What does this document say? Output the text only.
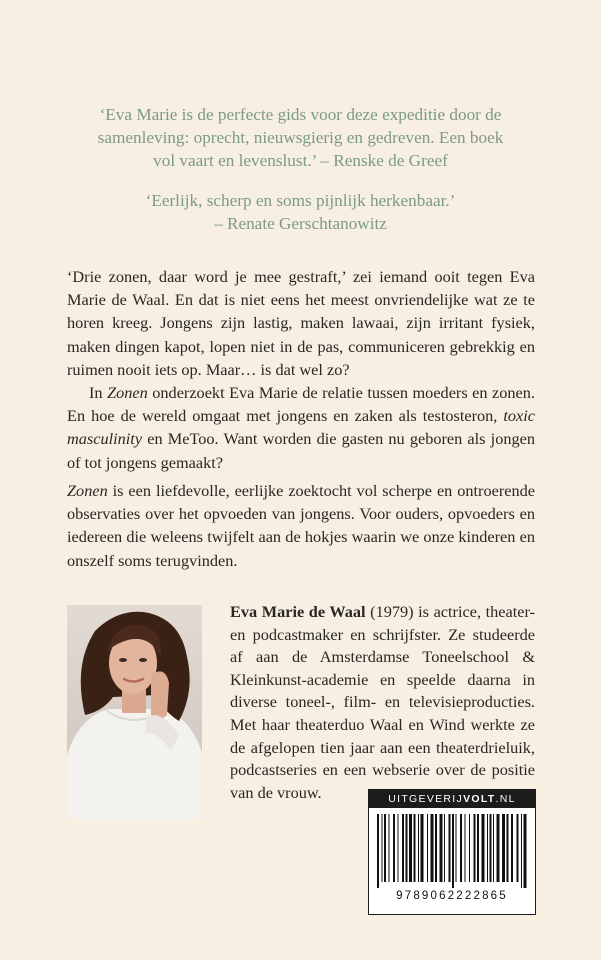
‘Eva Marie is de perfecte gids voor deze expeditie door de

samenleving: oprecht, nieuwsgierig en gedreven. Een boek

vol vaart en levenslust.’ – Renske de Greef

‘Eerlijk, scherp en soms pijnlijk herkenbaar.’

– Renate Gerschtanowitz

‘Drie zonen, daar word je mee gestraft,’ zei iemand ooit tegen Eva Marie de Waal. En dat is niet eens het meest onvriendelijke wat ze te horen kreeg. Jongens zijn lastig, maken lawaai, zijn irritant fysiek, maken dingen kapot, lopen niet in de pas, communiceren gebrekkig en ruimen nooit iets op. Maar… is dat wel zo?

In Zonen onderzoekt Eva Marie de relatie tussen moeders en zonen. En hoe de wereld omgaat met jongens en zaken als testosteron, toxic masculinity en MeToo. Want worden die gasten nu geboren als jongen of tot jongens gemaakt?

Zonen is een liefdevolle, eerlijke zoektocht vol scherpe en ontroerende observaties over het opvoeden van jongens. Voor ouders, opvoeders en iedereen die weleens twijfelt aan de hokjes waarin we onze kinderen en onszelf soms terugvinden.

Eva Marie de Waal (1979) is actrice, theater- en podcastmaker en schrijfster. Ze studeerde af aan de Amsterdamse Toneelschool & Kleinkunst-academie en speelde daarna in diverse toneel-, film- en televisieproducties. Met haar theaterduo Waal en Wind werkte ze de afgelopen tien jaar aan een theaterdrieluik, podcastseries en een webserie over de positie van de vrouw.	UITGEVERIJVOLT.NL
9789062222865
